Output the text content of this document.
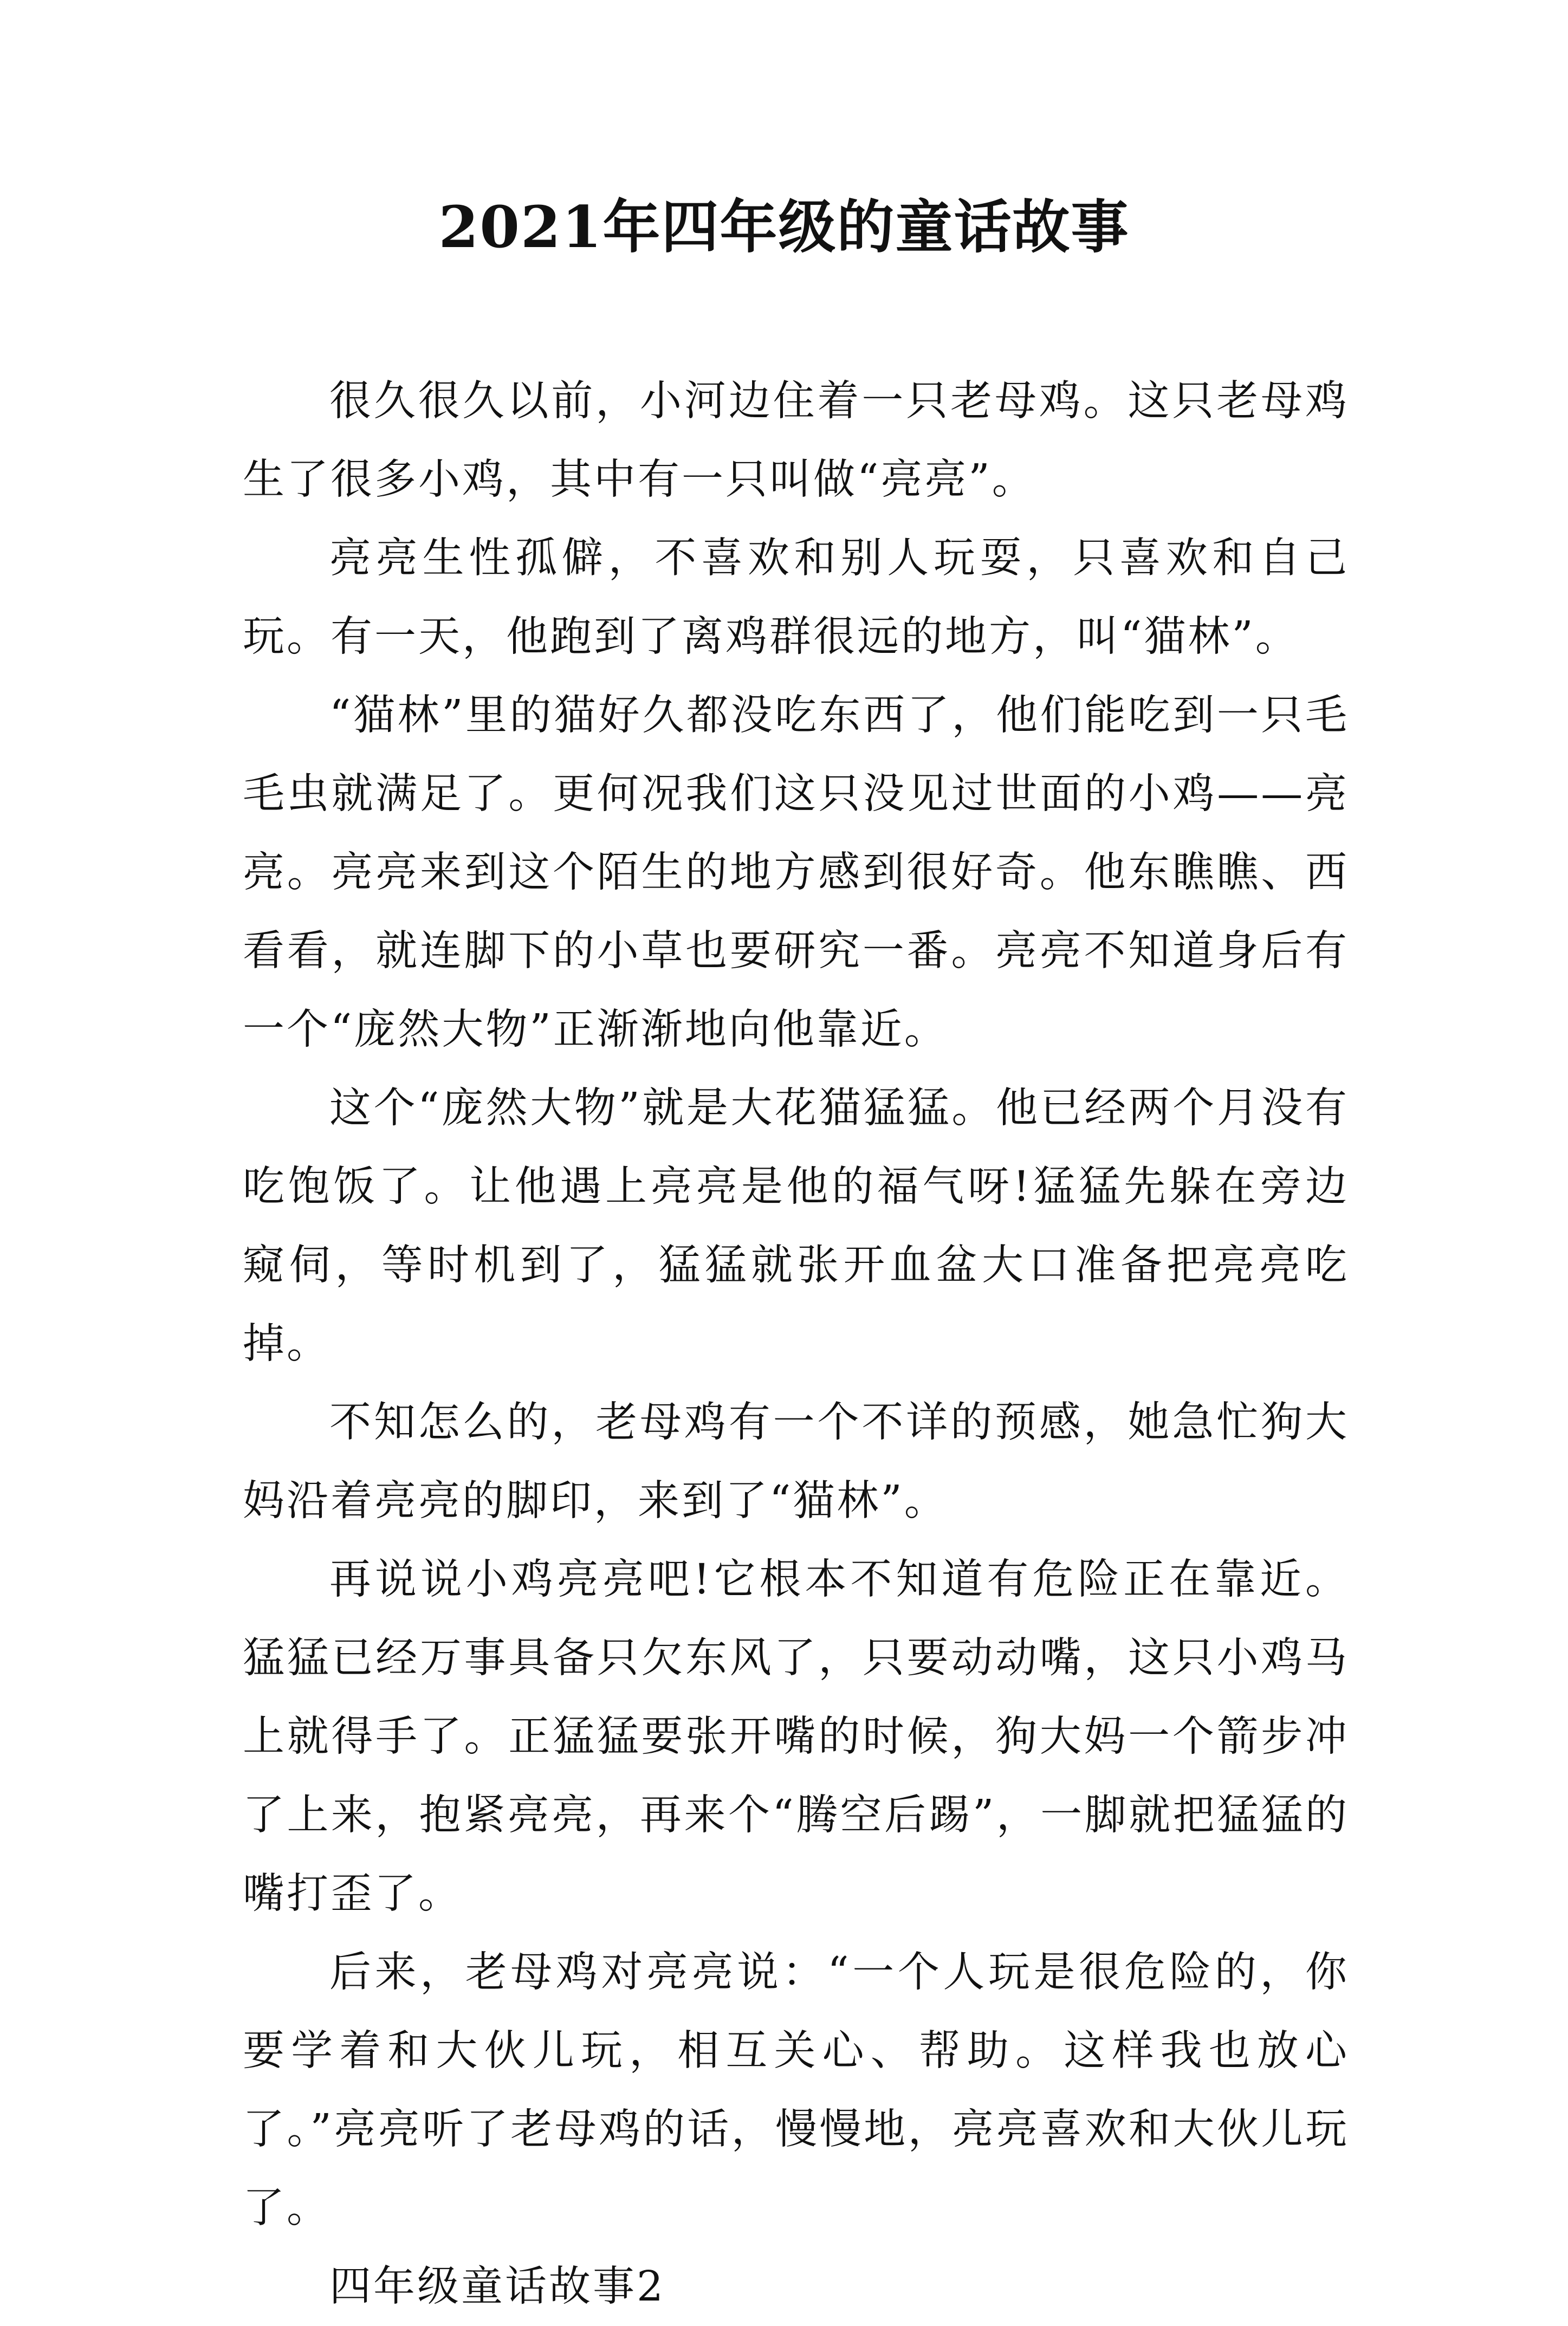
2021年四年级的童话故事

很久很久以前，小河边住着一只老母鸡。这只老母鸡生了很多小鸡，其中有一只叫做“亮亮”。

亮亮生性孤僻，不喜欢和别人玩耍，只喜欢和自己玩。有一天，他跑到了离鸡群很远的地方，叫“猫林”。

“猫林”里的猫好久都没吃东西了，他们能吃到一只毛毛虫就满足了。更何况我们这只没见过世面的小鸡——亮亮。亮亮来到这个陌生的地方感到很好奇。他东瞧瞧、西看看，就连脚下的小草也要研究一番。亮亮不知道身后有一个“庞然大物”正渐渐地向他靠近。

这个“庞然大物”就是大花猫猛猛。他已经两个月没有吃饱饭了。让他遇上亮亮是他的福气呀!猛猛先躲在旁边窥伺，等时机到了，猛猛就张开血盆大口准备把亮亮吃掉。

不知怎么的，老母鸡有一个不详的预感，她急忙狗大妈沿着亮亮的脚印，来到了“猫林”。

再说说小鸡亮亮吧!它根本不知道有危险正在靠近。猛猛已经万事具备只欠东风了，只要动动嘴，这只小鸡马上就得手了。正猛猛要张开嘴的时候，狗大妈一个箭步冲了上来，抱紧亮亮，再来个“腾空后踢”，一脚就把猛猛的嘴打歪了。

后来，老母鸡对亮亮说：“一个人玩是很危险的，你要学着和大伙儿玩，相互关心、帮助。这样我也放心了。”亮亮听了老母鸡的话，慢慢地，亮亮喜欢和大伙儿玩了。

四年级童话故事2
